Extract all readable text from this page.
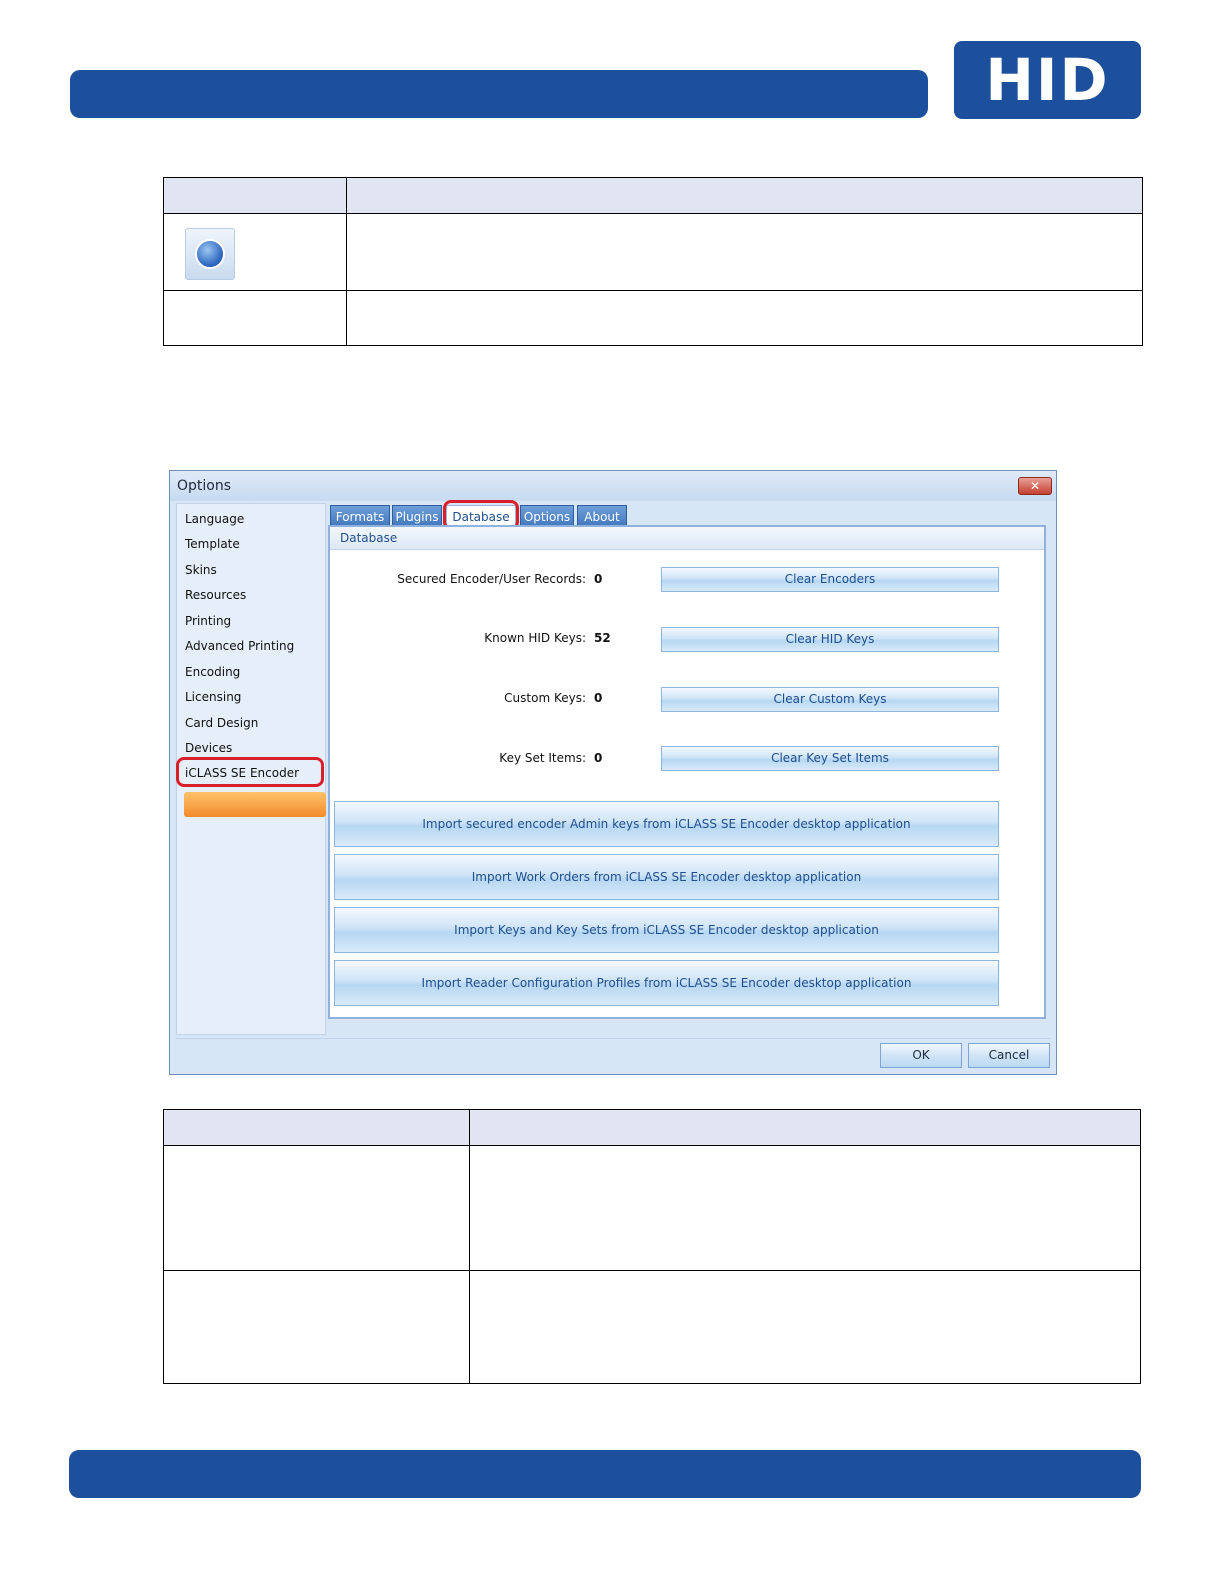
HID

Options	✕
Language
Template
Skins
Resources
Printing
Advanced Printing
Encoding
Licensing
Card Design
Devices
iCLASS SE Encoder
Formats Plugins	Database	Options	About
Database
Secured Encoder/User Records: 0	Clear Encoders
Known HID Keys: 52	Clear HID Keys
Custom Keys: 0	Clear Custom Keys
Key Set Items: 0	Clear Key Set Items
Import secured encoder Admin keys from iCLASS SE Encoder desktop application
Import Work Orders from iCLASS SE Encoder desktop application
Import Keys and Key Sets from iCLASS SE Encoder desktop application
Import Reader Configuration Profiles from iCLASS SE Encoder desktop application
OK	Cancel
